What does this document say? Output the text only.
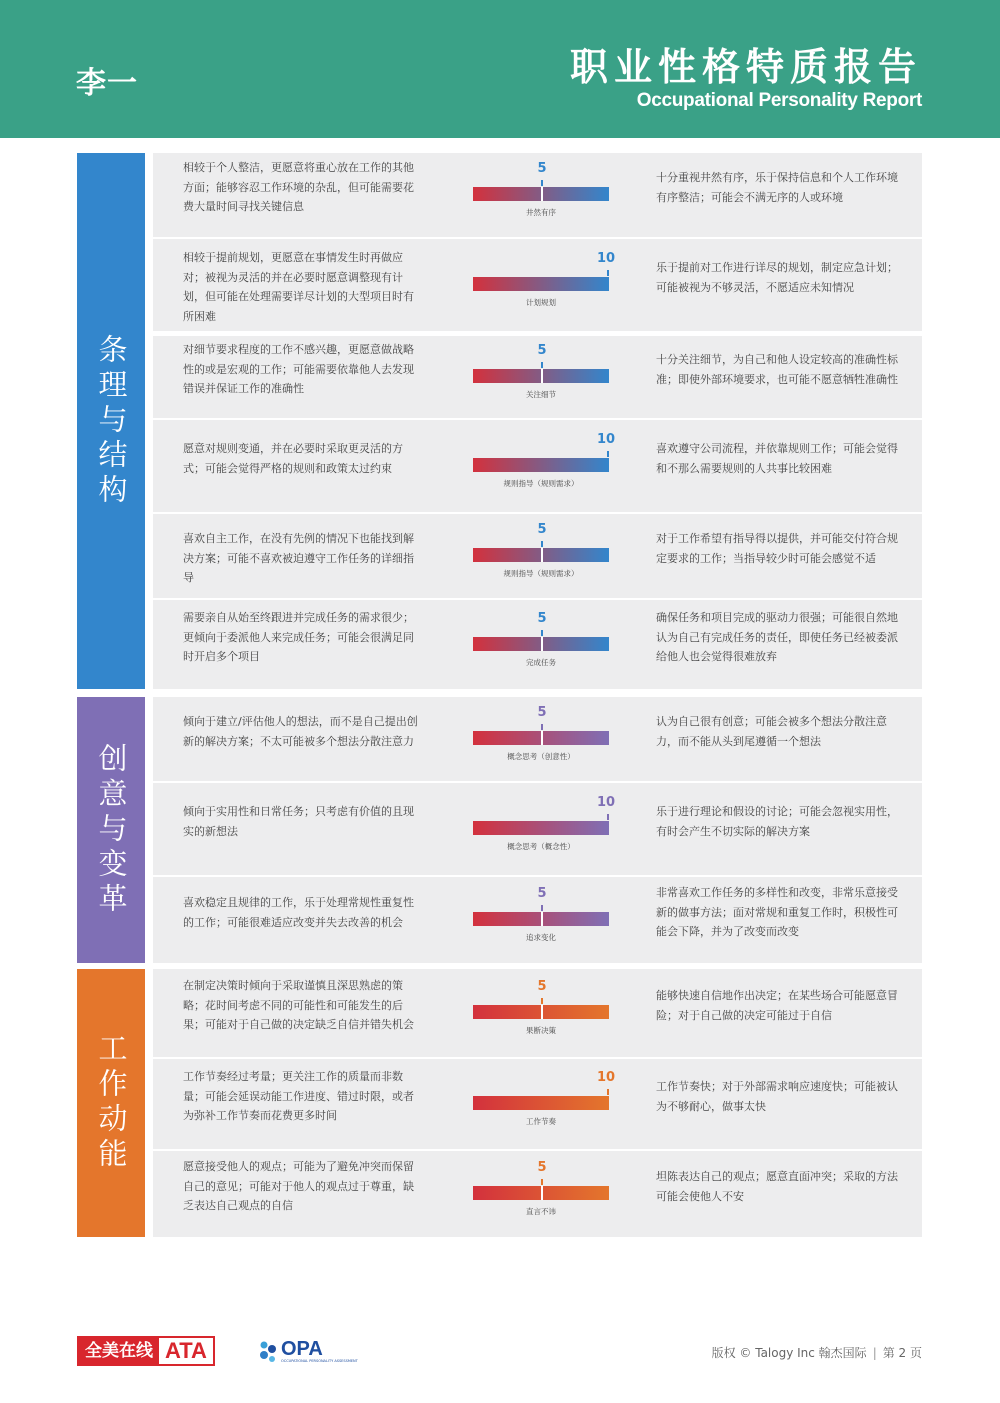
李一	职业性格特质报告
Occupational Personality Report
条理与结构
创意与变革
工作动能
相较于个人整洁，更愿意将重心放在工作的其他方面；能够容忍工作环境的杂乱，但可能需要花费大量时间寻找关键信息
5
井然有序
十分重视井然有序，乐于保持信息和个人工作环境有序整洁；可能会不满无序的人或环境
相较于提前规划，更愿意在事情发生时再做应对；被视为灵活的并在必要时愿意调整现有计划，但可能在处理需要详尽计划的大型项目时有所困难
10
计划规划
乐于提前对工作进行详尽的规划，制定应急计划；可能被视为不够灵活，不愿适应未知情况
对细节要求程度的工作不感兴趣，更愿意做战略性的或是宏观的工作；可能需要依靠他人去发现错误并保证工作的准确性
5
关注细节
十分关注细节，为自己和他人设定较高的准确性标准；即使外部环境要求，也可能不愿意牺牲准确性
愿意对规则变通，并在必要时采取更灵活的方式；可能会觉得严格的规则和政策太过约束
10
规则指导（规则需求）
喜欢遵守公司流程，并依靠规则工作；可能会觉得和不那么需要规则的人共事比较困难
喜欢自主工作，在没有先例的情况下也能找到解决方案；可能不喜欢被迫遵守工作任务的详细指导
5
规则指导（规则需求）
对于工作希望有指导得以提供，并可能交付符合规定要求的工作；当指导较少时可能会感觉不适
需要亲自从始至终跟进并完成任务的需求很少；更倾向于委派他人来完成任务；可能会很满足同时开启多个项目
5
完成任务
确保任务和项目完成的驱动力很强；可能很自然地认为自己有完成任务的责任，即使任务已经被委派给他人也会觉得很难放弃
倾向于建立/评估他人的想法，而不是自己提出创新的解决方案；不太可能被多个想法分散注意力
5
概念思考（创意性）
认为自己很有创意；可能会被多个想法分散注意力，而不能从头到尾遵循一个想法
倾向于实用性和日常任务；只考虑有价值的且现实的新想法
10
概念思考（概念性）
乐于进行理论和假设的讨论；可能会忽视实用性，有时会产生不切实际的解决方案
喜欢稳定且规律的工作，乐于处理常规性重复性的工作；可能很难适应改变并失去改善的机会
5
追求变化
非常喜欢工作任务的多样性和改变，非常乐意接受新的做事方法；面对常规和重复工作时，积极性可能会下降，并为了改变而改变
在制定决策时倾向于采取谨慎且深思熟虑的策略；花时间考虑不同的可能性和可能发生的后果；可能对于自己做的决定缺乏自信并错失机会
5
果断决策
能够快速自信地作出决定；在某些场合可能愿意冒险；对于自己做的决定可能过于自信
工作节奏经过考量；更关注工作的质量而非数量；可能会延误动能工作进度、错过时限，或者为弥补工作节奏而花费更多时间
10
工作节奏
工作节奏快；对于外部需求响应速度快；可能被认为不够耐心，做事太快
愿意接受他人的观点；可能为了避免冲突而保留自己的意见；可能对于他人的观点过于尊重，缺乏表达自己观点的自信
5
直言不讳
坦陈表达自己的观点；愿意直面冲突；采取的方法可能会使他人不安
全美在线 ATA	OPA
OCCUPATIONAL PERSONALITY ASSESSMENT
版权 © Talogy Inc 翰杰国际 | 第 2 页
